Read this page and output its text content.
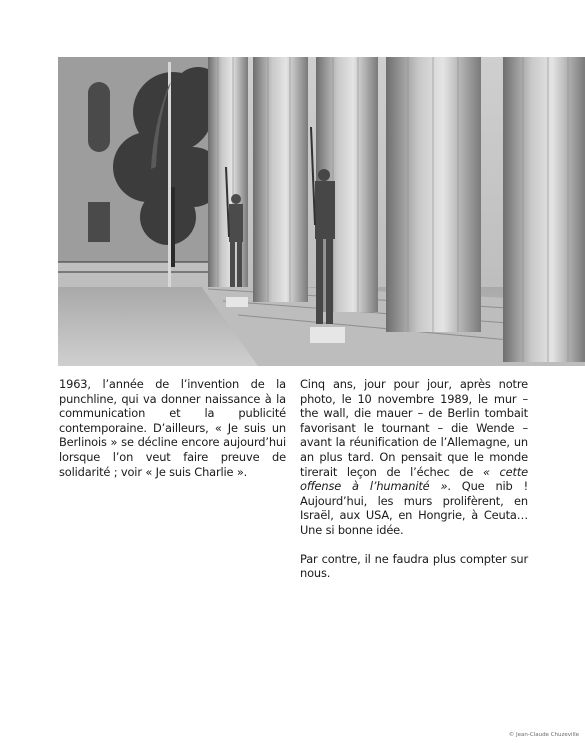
1963, l’année de l’invention de la punchline, qui va donner naissance à la communication et la publicité contemporaine. D’ailleurs, « Je suis un Berlinois » se décline encore aujourd’hui lorsque l’on veut faire preuve de solidarité ; voir « Je suis Charlie ».

Cinq ans, jour pour jour, après notre photo, le 10 novembre 1989, le mur – the wall, die mauer – de Berlin tombait favorisant le tournant – die Wende – avant la réunification de l’Allemagne, un an plus tard. On pensait que le monde tirerait leçon de l’échec de « cette offense à l’humanité ». Que nib ! Aujourd’hui, les murs prolifèrent, en Israël, aux USA, en Hongrie, à Ceuta… Une si bonne idée.

Par contre, il ne faudra plus compter sur nous.

© Jean-Claude Chuzeville
